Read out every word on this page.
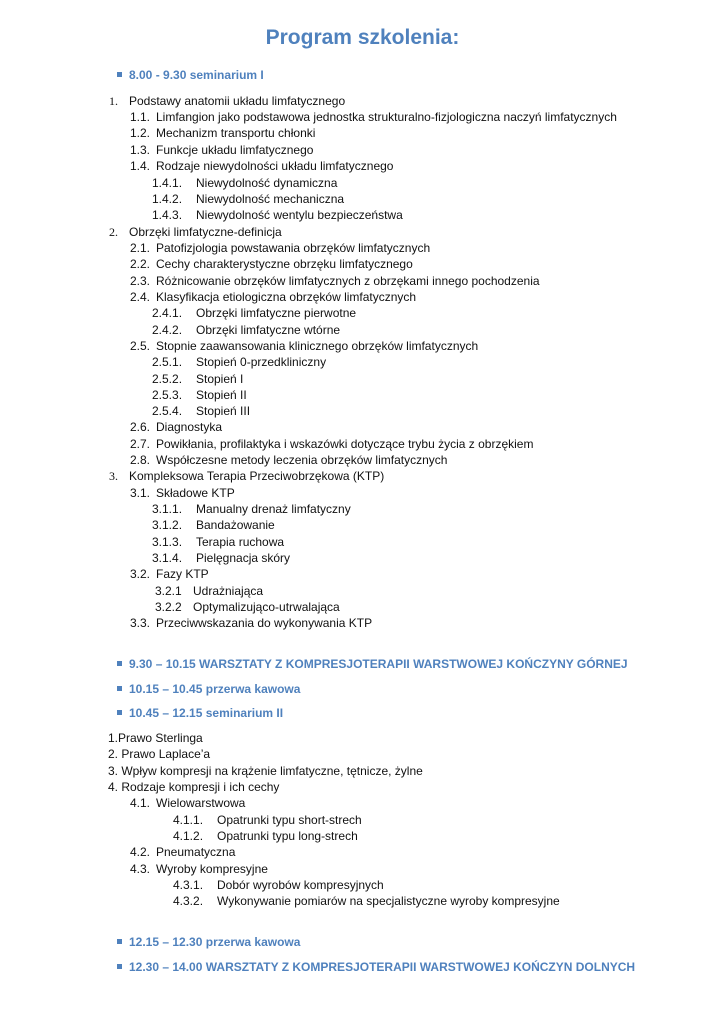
Program szkolenia:
8.00 - 9.30 seminarium I
1. Podstawy anatomii układu limfatycznego
1.1. Limfangion jako podstawowa jednostka strukturalno-fizjologiczna naczyń limfatycznych
1.2. Mechanizm transportu chłonki
1.3. Funkcje układu limfatycznego
1.4. Rodzaje niewydolności układu limfatycznego
1.4.1. Niewydolność dynamiczna
1.4.2. Niewydolność mechaniczna
1.4.3. Niewydolność wentylu bezpieczeństwa
2. Obrzęki limfatyczne-definicja
2.1. Patofizjologia powstawania obrzęków limfatycznych
2.2. Cechy charakterystyczne obrzęku limfatycznego
2.3. Różnicowanie obrzęków limfatycznych z obrzękami innego pochodzenia
2.4. Klasyfikacja etiologiczna obrzęków limfatycznych
2.4.1. Obrzęki limfatyczne pierwotne
2.4.2. Obrzęki limfatyczne wtórne
2.5. Stopnie zaawansowania klinicznego obrzęków limfatycznych
2.5.1. Stopień 0-przedkliniczny
2.5.2. Stopień I
2.5.3. Stopień II
2.5.4. Stopień III
2.6. Diagnostyka
2.7. Powikłania, profilaktyka i wskazówki dotyczące trybu życia z obrzękiem
2.8. Współczesne metody leczenia obrzęków limfatycznych
3. Kompleksowa Terapia Przeciwobrzękowa (KTP)
3.1. Składowe KTP
3.1.1. Manualny drenaż limfatyczny
3.1.2. Bandażowanie
3.1.3. Terapia ruchowa
3.1.4. Pielęgnacja skóry
3.2. Fazy KTP
3.2.1 Udrażniająca
3.2.2 Optymalizująco-utrwalająca
3.3. Przeciwwskazania do wykonywania KTP
9.30 – 10.15 WARSZTATY Z KOMPRESJOTERAPII WARSTWOWEJ KOŃCZYNY GÓRNEJ
10.15 – 10.45 przerwa kawowa
10.45 – 12.15 seminarium II
1.Prawo Sterlinga
2. Prawo Laplace’a
3. Wpływ kompresji na krążenie limfatyczne, tętnicze, żylne
4. Rodzaje kompresji i ich cechy
4.1. Wielowarstwowa
4.1.1. Opatrunki typu short-strech
4.1.2. Opatrunki typu long-strech
4.2. Pneumatyczna
4.3. Wyroby kompresyjne
4.3.1. Dobór wyrobów kompresyjnych
4.3.2. Wykonywanie pomiarów na specjalistyczne wyroby kompresyjne
12.15 – 12.30 przerwa kawowa
12.30 – 14.00 WARSZTATY Z KOMPRESJOTERAPII WARSTWOWEJ KOŃCZYN DOLNYCH
